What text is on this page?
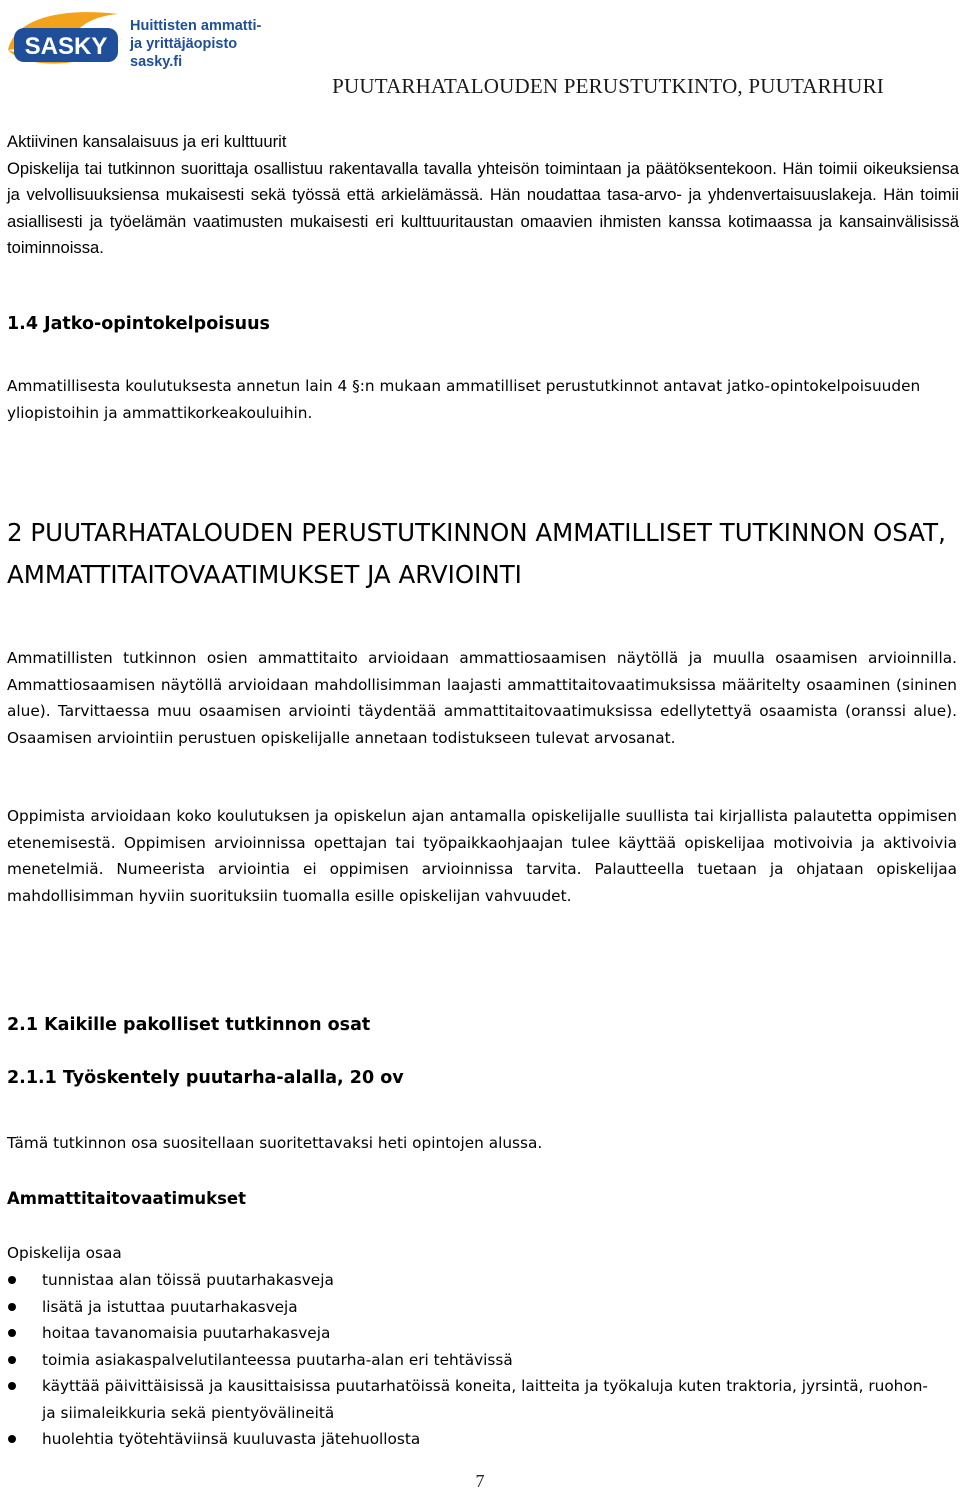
SASKY
Huittisten ammatti-
ja yrittäjäopisto
sasky.fi
PUUTARHATALOUDEN PERUSTUTKINTO, PUUTARHURI
Aktiivinen kansalaisuus ja eri kulttuurit
Opiskelija tai tutkinnon suorittaja osallistuu rakentavalla tavalla yhteisön toimintaan ja päätöksentekoon. Hän toimii oikeuksiensa ja velvollisuuksiensa mukaisesti sekä työssä että arkielämässä. Hän noudattaa tasa-arvo- ja yhdenvertaisuuslakeja. Hän toimii asiallisesti ja työelämän vaatimusten mukaisesti eri kulttuuritaustan omaavien ihmisten kanssa kotimaassa ja kansainvälisissä toiminnoissa.
1.4 Jatko-opintokelpoisuus
Ammatillisesta koulutuksesta annetun lain 4 §:n mukaan ammatilliset perustutkinnot antavat jatko-opintokelpoisuuden yliopistoihin ja ammattikorkeakouluihin.
2 PUUTARHATALOUDEN PERUSTUTKINNON AMMATILLISET TUTKINNON OSAT, AMMATTITAITOVAATIMUKSET JA ARVIOINTI
Ammatillisten tutkinnon osien ammattitaito arvioidaan ammattiosaamisen näytöllä ja muulla osaamisen arvioinnilla. Ammattiosaamisen näytöllä arvioidaan mahdollisimman laajasti ammattitaitovaatimuksissa määritelty osaaminen (sininen alue). Tarvittaessa muu osaamisen arviointi täydentää ammattitaitovaatimuksissa edellytettyä osaamista (oranssi alue). Osaamisen arviointiin perustuen opiskelijalle annetaan todistukseen tulevat arvosanat.
Oppimista arvioidaan koko koulutuksen ja opiskelun ajan antamalla opiskelijalle suullista tai kirjallista palautetta oppimisen etenemisestä. Oppimisen arvioinnissa opettajan tai työpaikkaohjaajan tulee käyttää opiskelijaa motivoivia ja aktivoivia menetelmiä. Numeerista arviointia ei oppimisen arvioinnissa tarvita. Palautteella tuetaan ja ohjataan opiskelijaa mahdollisimman hyviin suorituksiin tuomalla esille opiskelijan vahvuudet.
2.1 Kaikille pakolliset tutkinnon osat
2.1.1 Työskentely puutarha-alalla, 20 ov
Tämä tutkinnon osa suositellaan suoritettavaksi heti opintojen alussa.
Ammattitaitovaatimukset
Opiskelija osaa
tunnistaa alan töissä puutarhakasveja
lisätä ja istuttaa puutarhakasveja
hoitaa tavanomaisia puutarhakasveja
toimia asiakaspalvelutilanteessa puutarha-alan eri tehtävissä
käyttää päivittäisissä ja kausittaisissa puutarhatöissä koneita, laitteita ja työkaluja kuten traktoria, jyrsintä, ruohon- ja siimaleikkuria sekä pientyövälineitä
huolehtia työtehtäviinsä kuuluvasta jätehuollosta
7
